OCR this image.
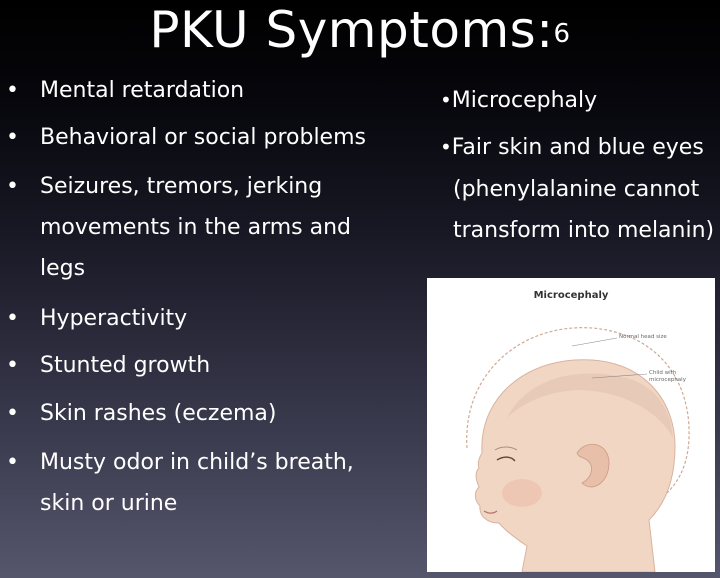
PKU Symptoms:$^6$
• Mental retardation
• Behavioral or social problems
• Seizures, tremors, jerking movements in the arms and legs
• Hyperactivity
• Stunted growth
• Skin rashes (eczema)
• Musty odor in child’s breath, skin or urine
•Microcephaly
•Fair skin and blue eyes
(phenylalanine cannot
transform into melanin)
Microcephaly
Normal head size
Child with
microcephaly
